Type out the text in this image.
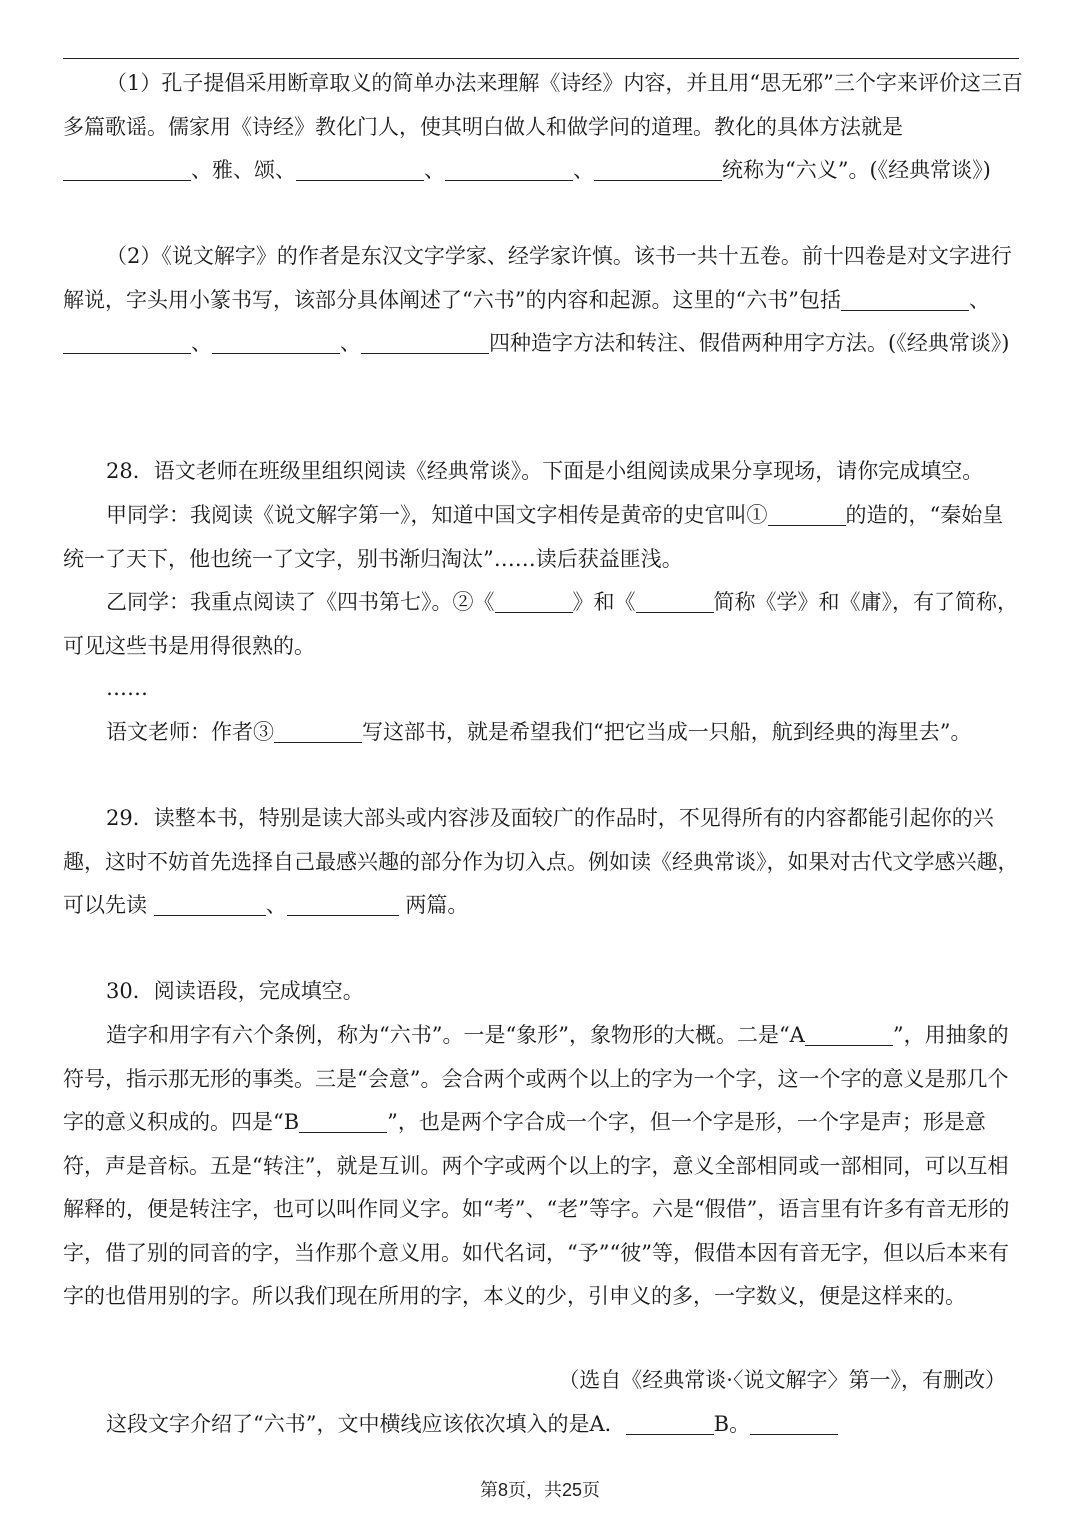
（1）孔子提倡采用断章取义的简单办法来理解《诗经》内容，并且用“思无邪”三个字来评价这三百多篇歌谣。儒家用《诗经》教化门人，使其明白做人和做学问的道理。教化的具体方法就是、雅、颂、	、	、	统称为“六义”。(《经典常谈》)

（2）《说文解字》的作者是东汉文字学家、经学家许慎。该书一共十五卷。前十四卷是对文字进行解说，字头用小篆书写，该部分具体阐述了“六书”的内容和起源。这里的“六书”包括	、、	、	四种造字方法和转注、假借两种用字方法。(《经典常谈》)

28．语文老师在班级里组织阅读《经典常谈》。下面是小组阅读成果分享现场，请你完成填空。

甲同学：我阅读《说文解字第一》，知道中国文字相传是黄帝的史官叫①	的造的，“秦始皇统一了天下，他也统一了文字，别书渐归淘汰”……读后获益匪浅。

乙同学：我重点阅读了《四书第七》。②《	》和《	简称《学》和《庸》，有了简称，可见这些书是用得很熟的。

……

语文老师：作者③	写这部书，就是希望我们“把它当成一只船，航到经典的海里去”。

29．读整本书，特别是读大部头或内容涉及面较广的作品时，不见得所有的内容都能引起你的兴趣，这时不妨首先选择自己最感兴趣的部分作为切入点。例如读《经典常谈》，如果对古代文学感兴趣，可以先读	、	两篇。

30．阅读语段，完成填空。

造字和用字有六个条例，称为“六书”。一是“象形”，象物形的大概。二是“A	”，用抽象的符号，指示那无形的事类。三是“会意”。会合两个或两个以上的字为一个字，这一个字的意义是那几个字的意义积成的。四是“B	”，也是两个字合成一个字，但一个字是形，一个字是声；形是意符，声是音标。五是“转注”，就是互训。两个字或两个以上的字，意义全部相同或一部相同，可以互相解释的，便是转注字，也可以叫作同义字。如“考”、“老”等字。六是“假借”，语言里有许多有音无形的字，借了别的同音的字，当作那个意义用。如代名词，“予”“彼”等，假借本因有音无字，但以后本来有字的也借用别的字。所以我们现在所用的字，本义的少，引申义的多，一字数义，便是这样来的。

（选自《经典常谈·〈说文解字〉第一》，有删改）

这段文字介绍了“六书”，文中横线应该依次填入的是A．	B。

第8页，共25页
